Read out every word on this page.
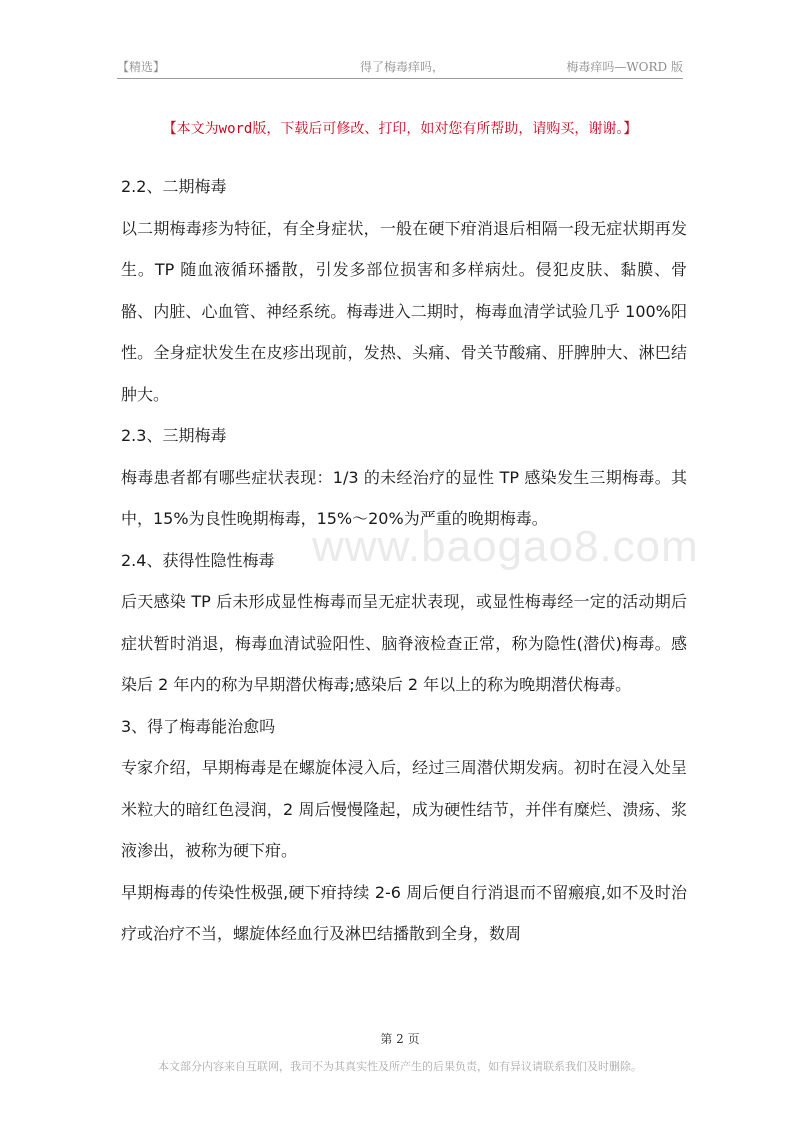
【精选】	得了梅毒痒吗，	梅毒痒吗—WORD 版
【本文为word版，下载后可修改、打印，如对您有所帮助，请购买，谢谢。】
www.baogao8.com

2.2、二期梅毒

以二期梅毒疹为特征，有全身症状，一般在硬下疳消退后相隔一段无症状期再发生。TP 随血液循环播散，引发多部位损害和多样病灶。侵犯皮肤、黏膜、骨骼、内脏、心血管、神经系统。梅毒进入二期时，梅毒血清学试验几乎 100%阳性。全身症状发生在皮疹出现前，发热、头痛、骨关节酸痛、肝脾肿大、淋巴结肿大。

2.3、三期梅毒

梅毒患者都有哪些症状表现：1/3 的未经治疗的显性 TP 感染发生三期梅毒。其中，15%为良性晚期梅毒，15%～20%为严重的晚期梅毒。

2.4、获得性隐性梅毒

后天感染 TP 后未形成显性梅毒而呈无症状表现，或显性梅毒经一定的活动期后症状暂时消退，梅毒血清试验阳性、脑脊液检查正常，称为隐性(潜伏)梅毒。感染后 2 年内的称为早期潜伏梅毒;感染后 2 年以上的称为晚期潜伏梅毒。

3、得了梅毒能治愈吗

专家介绍，早期梅毒是在螺旋体浸入后，经过三周潜伏期发病。初时在浸入处呈米粒大的暗红色浸润，2 周后慢慢隆起，成为硬性结节，并伴有糜烂、溃疡、浆液渗出，被称为硬下疳。

早期梅毒的传染性极强,硬下疳持续 2-6 周后便自行消退而不留瘢痕,如不及时治疗或治疗不当，螺旋体经血行及淋巴结播散到全身，数周

第 2 页
本文部分内容来自互联网，我司不为其真实性及所产生的后果负责，如有异议请联系我们及时删除。
